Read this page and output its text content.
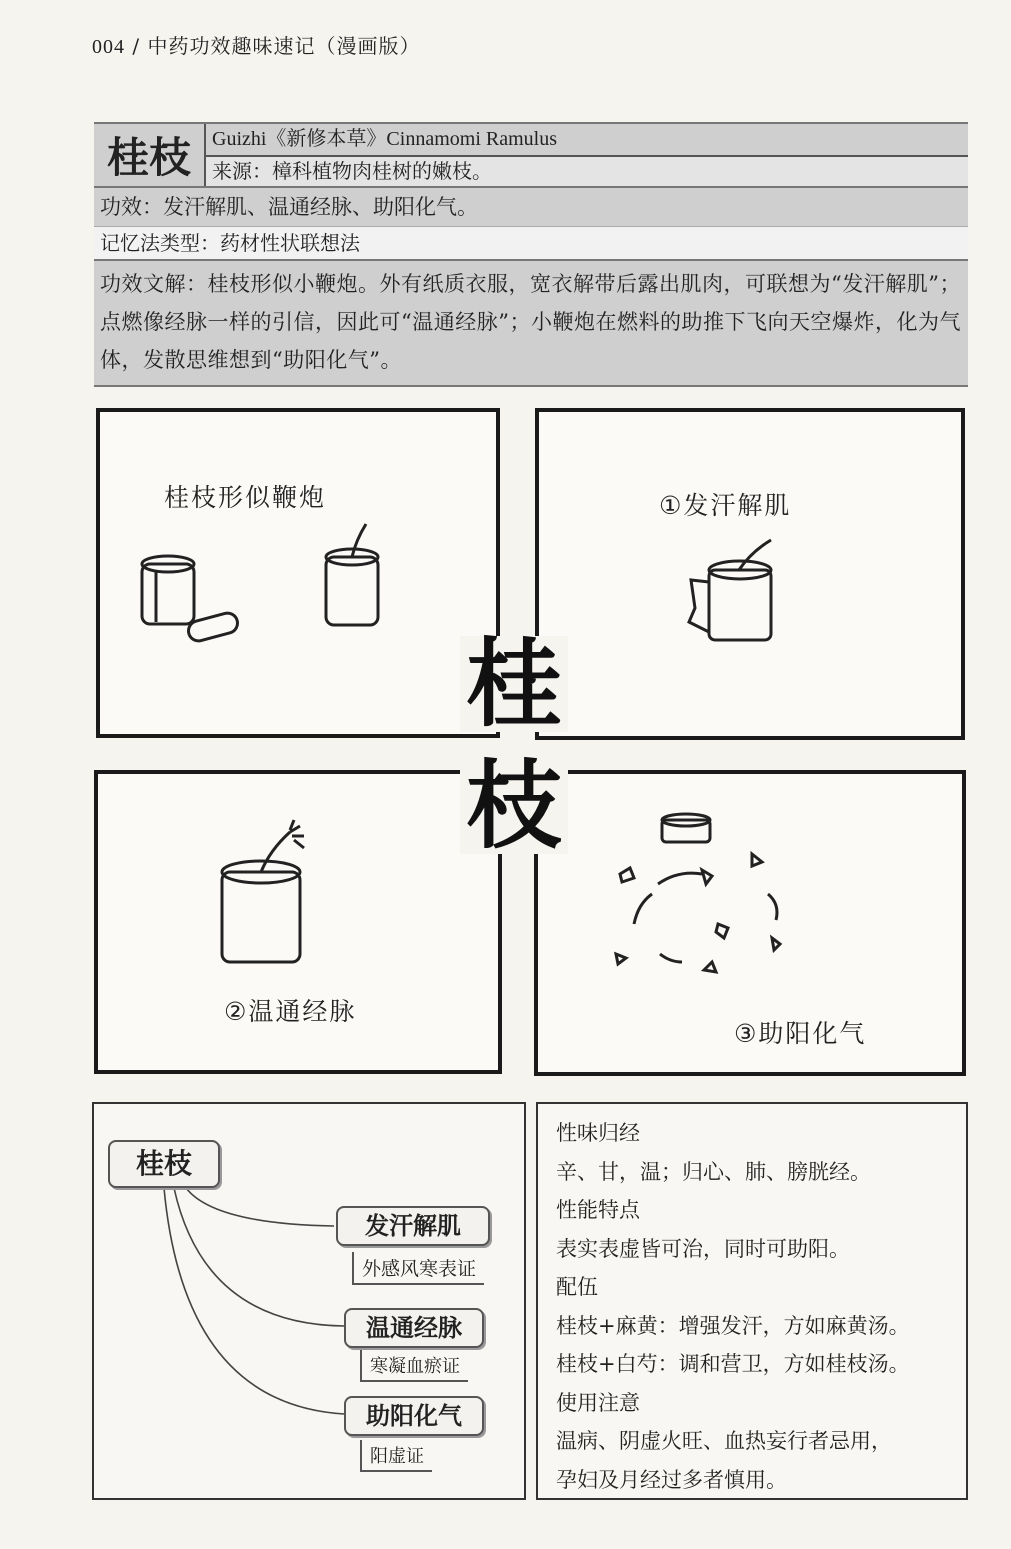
004 / 中药功效趣味速记（漫画版）
桂枝	Guizhi《新修本草》Cinnamomi Ramulus
来源：樟科植物肉桂树的嫩枝。
功效：发汗解肌、温通经脉、助阳化气。
记忆法类型：药材性状联想法
功效文解：桂枝形似小鞭炮。外有纸质衣服，宽衣解带后露出肌肉，可联想为“发汗解肌”；点燃像经脉一样的引信，因此可“温通经脉”；小鞭炮在燃料的助推下飞向天空爆炸，化为气体，发散思维想到“助阳化气”。
桂枝形似鞭炮	①发汗解肌
②温通经脉
③助阳化气
桂
枝
桂枝
发汗解肌
外感风寒表证
温通经脉
寒凝血瘀证
助阳化气
阳虚证

性味归经

辛、甘，温；归心、肺、膀胱经。

性能特点

表实表虚皆可治，同时可助阳。

配伍

桂枝+麻黄：增强发汗，方如麻黄汤。

桂枝+白芍：调和营卫，方如桂枝汤。

使用注意

温病、阴虚火旺、血热妄行者忌用，

孕妇及月经过多者慎用。
